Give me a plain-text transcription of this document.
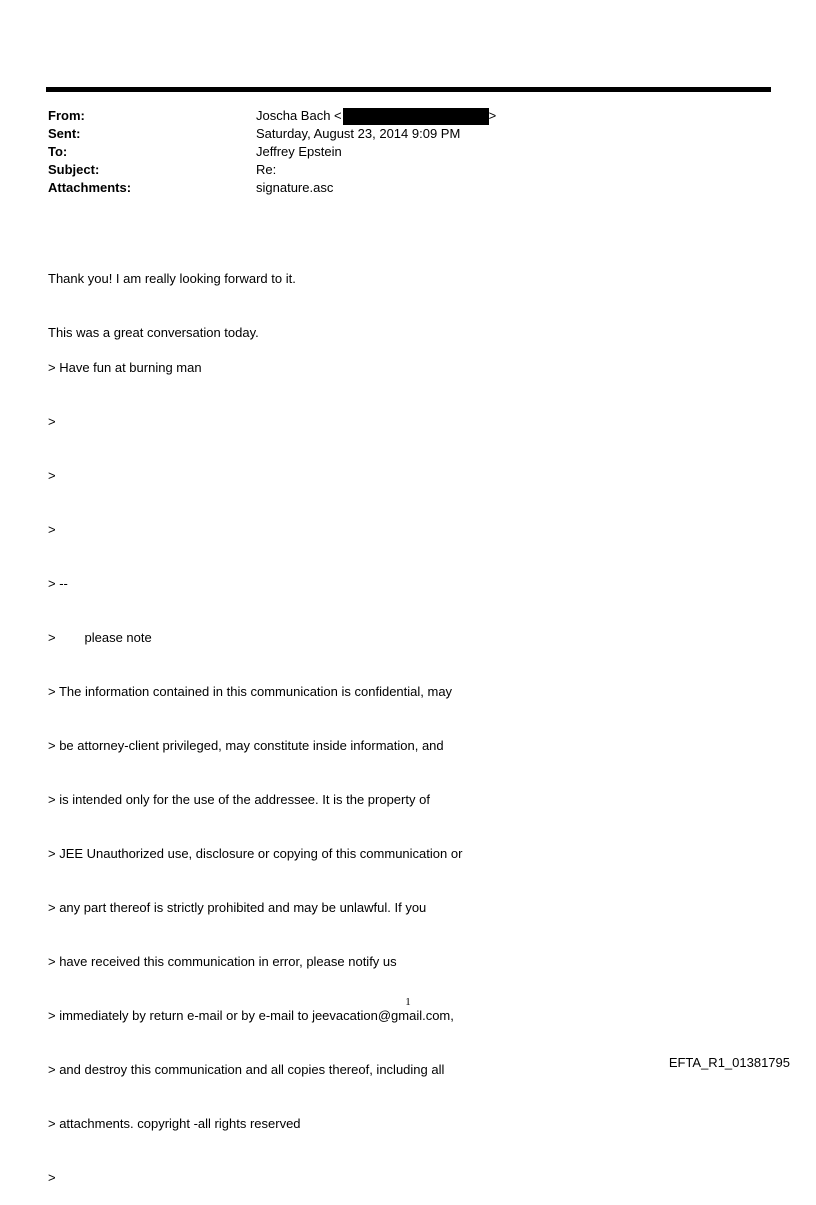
From:	Joscha Bach <	>
Sent:	Saturday, August 23, 2014 9:09 PM
To:	Jeffrey Epstein
Subject:	Re:
Attachments:	signature.asc

Thank you! I am really looking forward to it.

This was a great conversation today.

> Have fun at burning man

>

>

>

> --

>        please note

> The information contained in this communication is confidential, may

> be attorney-client privileged, may constitute inside information, and

> is intended only for the use of the addressee. It is the property of

> JEE Unauthorized use, disclosure or copying of this communication or

> any part thereof is strictly prohibited and may be unlawful. If you

> have received this communication in error, please notify us

> immediately by return e-mail or by e-mail to jeevacation@gmail.com,

> and destroy this communication and all copies thereof, including all

> attachments. copyright -all rights reserved

>

1
EFTA_R1_01381795
